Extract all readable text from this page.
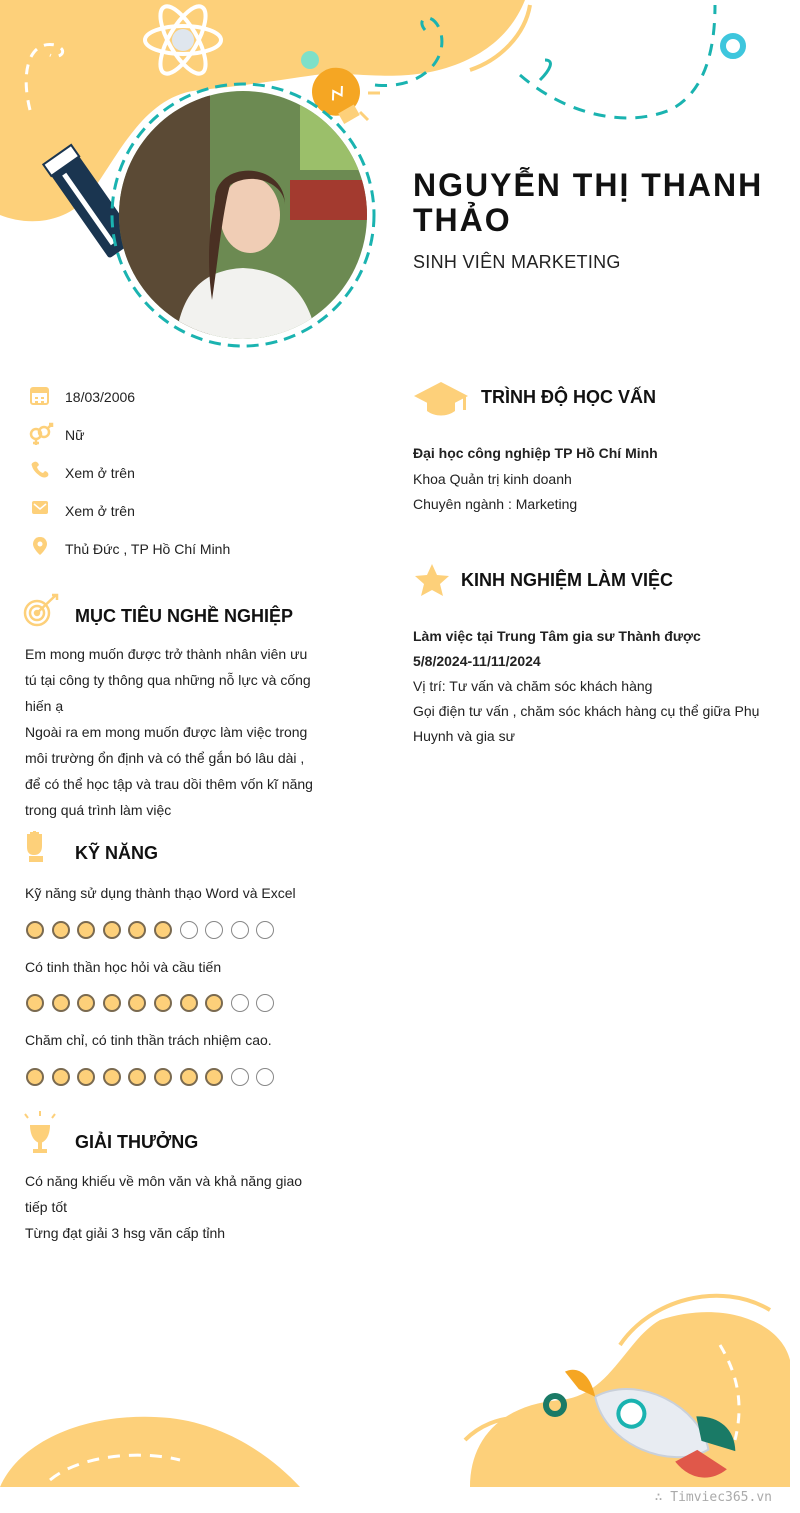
NGUYỄN THỊ THANH THẢO
SINH VIÊN MARKETING
18/03/2006
Nữ
Xem ở trên
Xem ở trên
Thủ Đức , TP Hồ Chí Minh
MỤC TIÊU NGHỀ NGHIỆP
Em mong muốn được trở thành nhân viên ưu
tú tại công ty thông qua những nỗ lực và cống
hiến ạ
Ngoài ra em mong muốn được làm việc trong
môi trường ổn định và có thể gắn bó lâu dài ,
để có thể học tập và trau dồi thêm vốn kĩ năng
trong quá trình làm việc
KỸ NĂNG
Kỹ năng sử dụng thành thạo Word và Excel
Có tinh thần học hỏi và cầu tiến
Chăm chỉ, có tinh thần trách nhiệm cao.
GIẢI THƯỞNG
Có năng khiếu về môn văn và khả năng giao
tiếp tốt
Từng đạt giải 3 hsg văn cấp tỉnh
TRÌNH ĐỘ HỌC VẤN
Đại học công nghiệp TP Hồ Chí Minh
Khoa Quản trị kinh doanh
Chuyên ngành : Marketing
KINH NGHIỆM LÀM VIỆC
Làm việc tại Trung Tâm gia sư Thành được
5/8/2024-11/11/2024
Vị trí: Tư vấn và chăm sóc khách hàng
Gọi điện tư vấn , chăm sóc khách hàng cụ thể giữa Phụ
Huynh và gia sư
∴ Timviec365.vn
